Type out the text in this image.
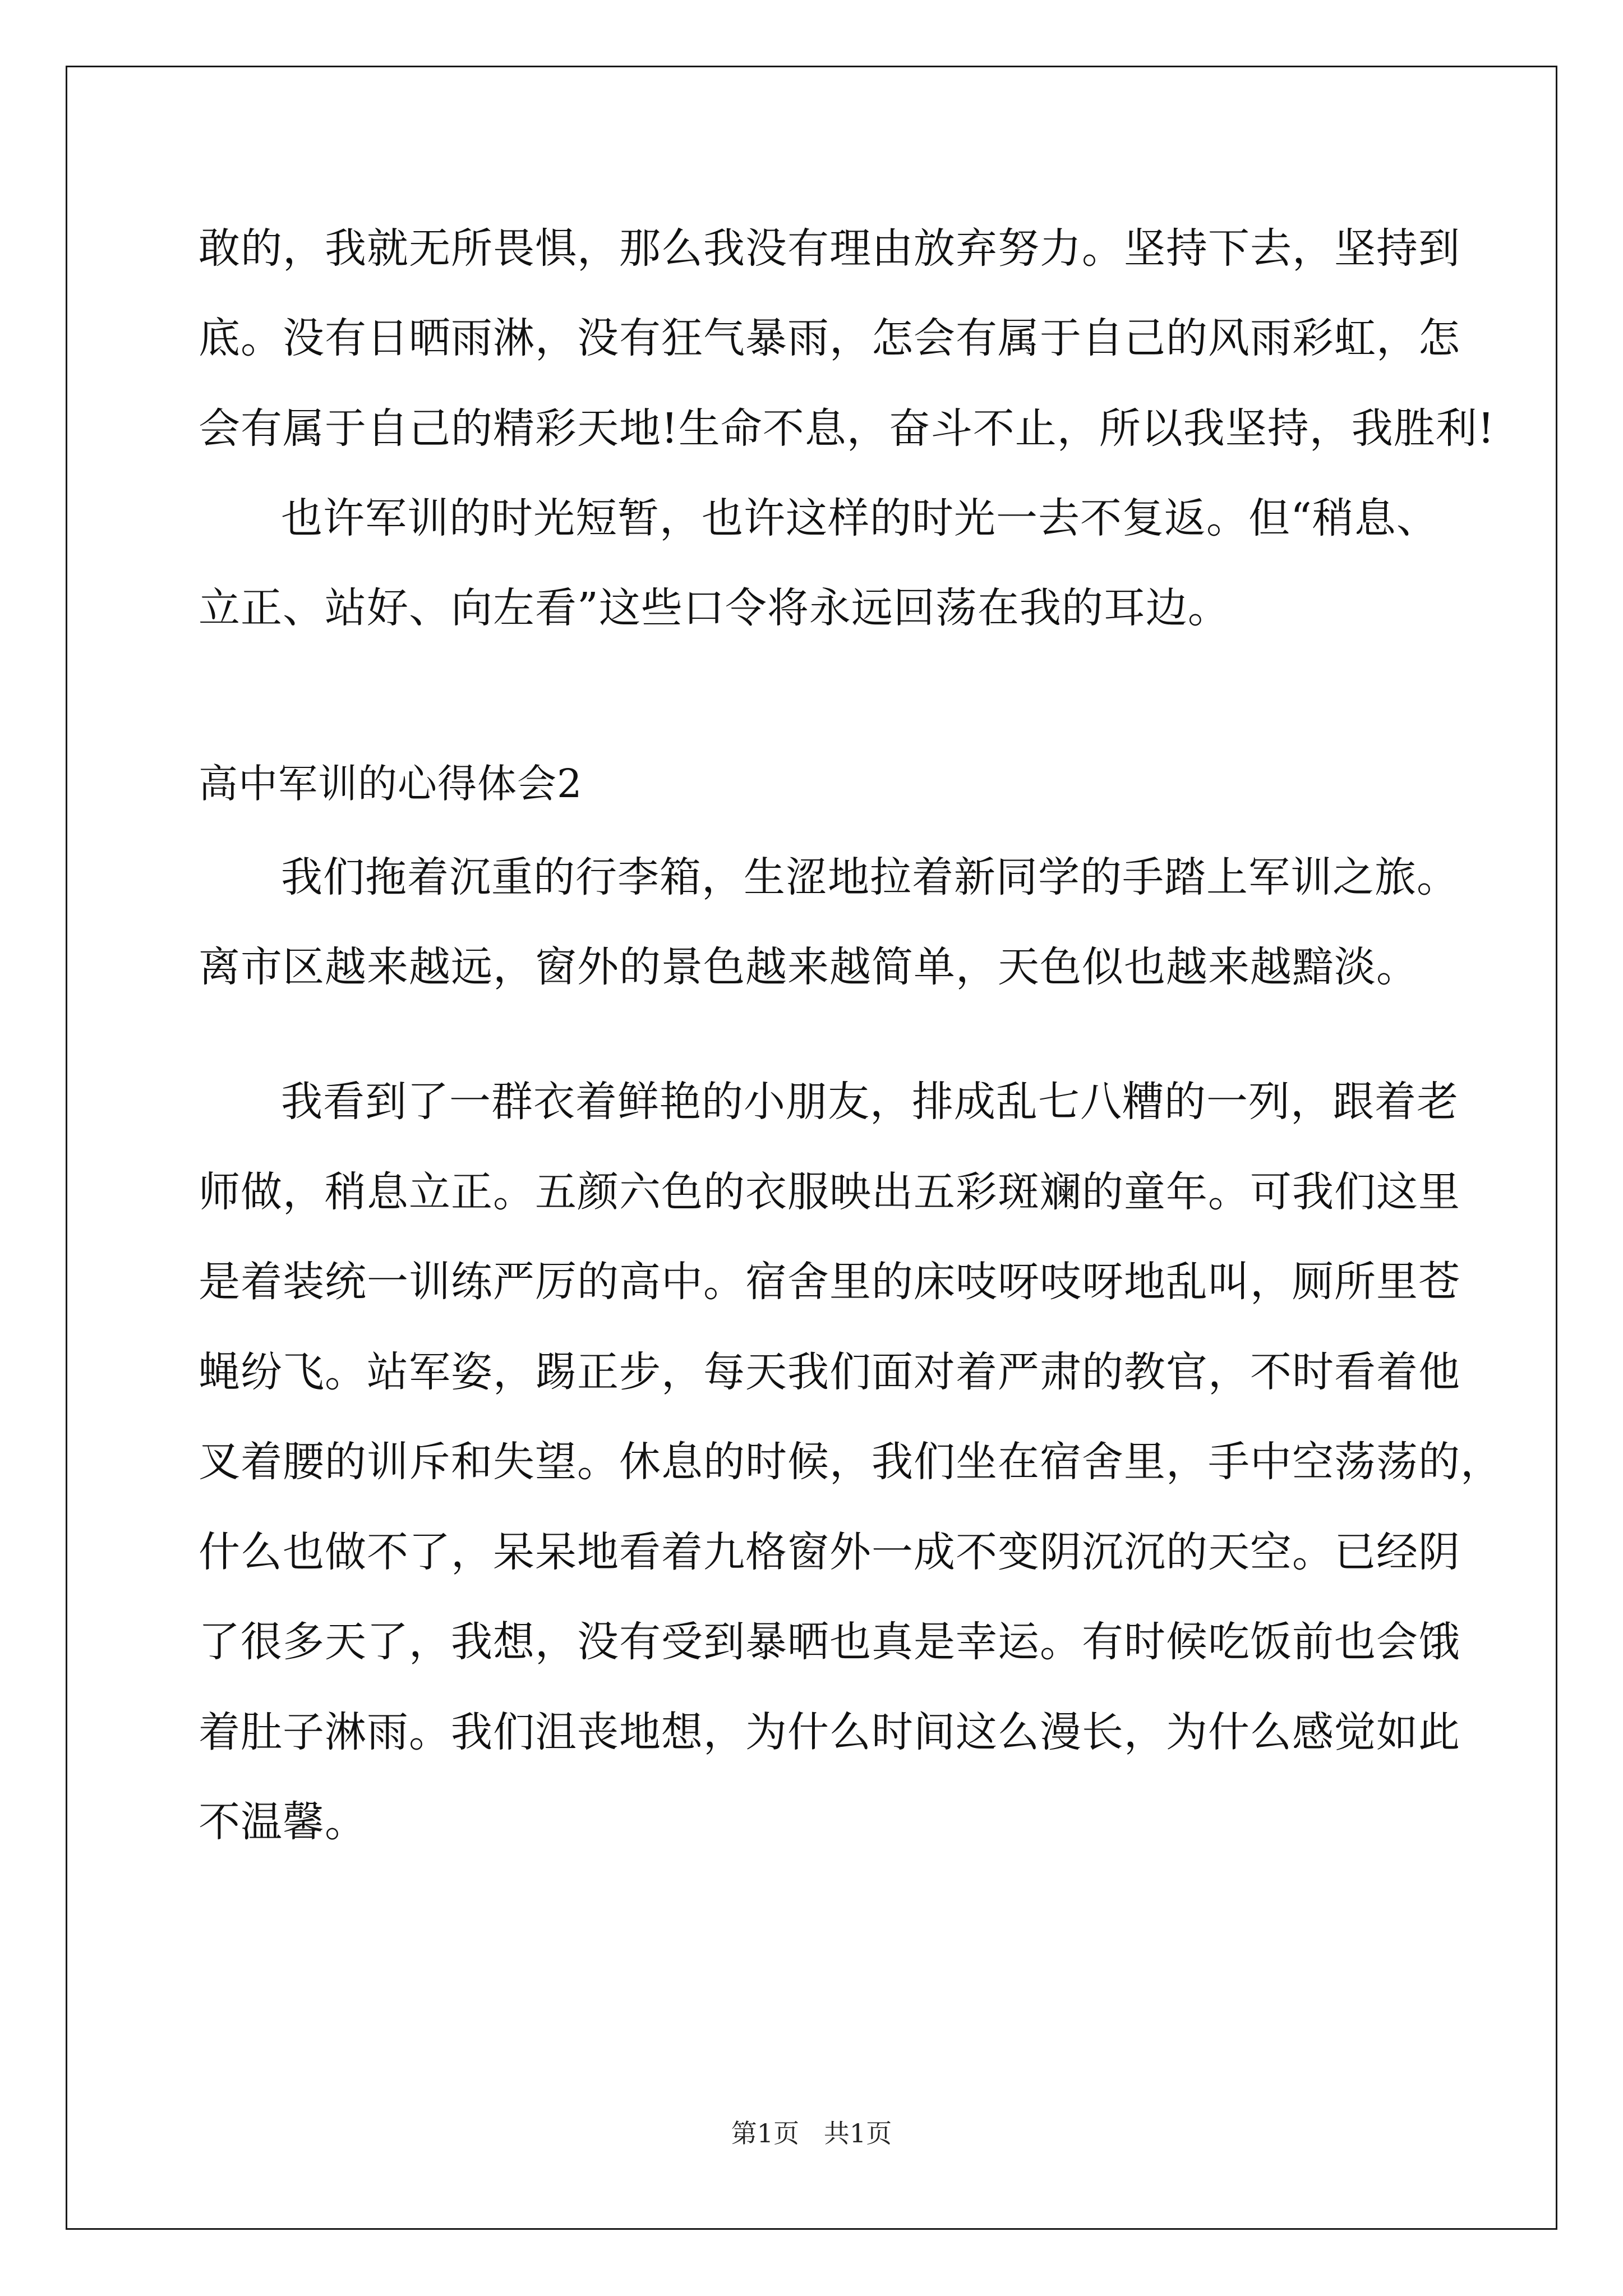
敢的，我就无所畏惧，那么我没有理由放弃努力。坚持下去，坚持到
底。没有日晒雨淋，没有狂气暴雨，怎会有属于自己的风雨彩虹，怎
会有属于自己的精彩天地!生命不息，奋斗不止，所以我坚持，我胜利!
也许军训的时光短暂，也许这样的时光一去不复返。但“稍息、
立正、站好、向左看”这些口令将永远回荡在我的耳边。
高中军训的心得体会2
我们拖着沉重的行李箱，生涩地拉着新同学的手踏上军训之旅。
离市区越来越远，窗外的景色越来越简单，天色似也越来越黯淡。
我看到了一群衣着鲜艳的小朋友，排成乱七八糟的一列，跟着老
师做，稍息立正。五颜六色的衣服映出五彩斑斓的童年。可我们这里
是着装统一训练严厉的高中。宿舍里的床吱呀吱呀地乱叫，厕所里苍
蝇纷飞。站军姿，踢正步，每天我们面对着严肃的教官，不时看着他
叉着腰的训斥和失望。休息的时候，我们坐在宿舍里，手中空荡荡的，
什么也做不了，呆呆地看着九格窗外一成不变阴沉沉的天空。已经阴
了很多天了，我想，没有受到暴晒也真是幸运。有时候吃饭前也会饿
着肚子淋雨。我们沮丧地想，为什么时间这么漫长，为什么感觉如此
不温馨。
第1页   共1页
